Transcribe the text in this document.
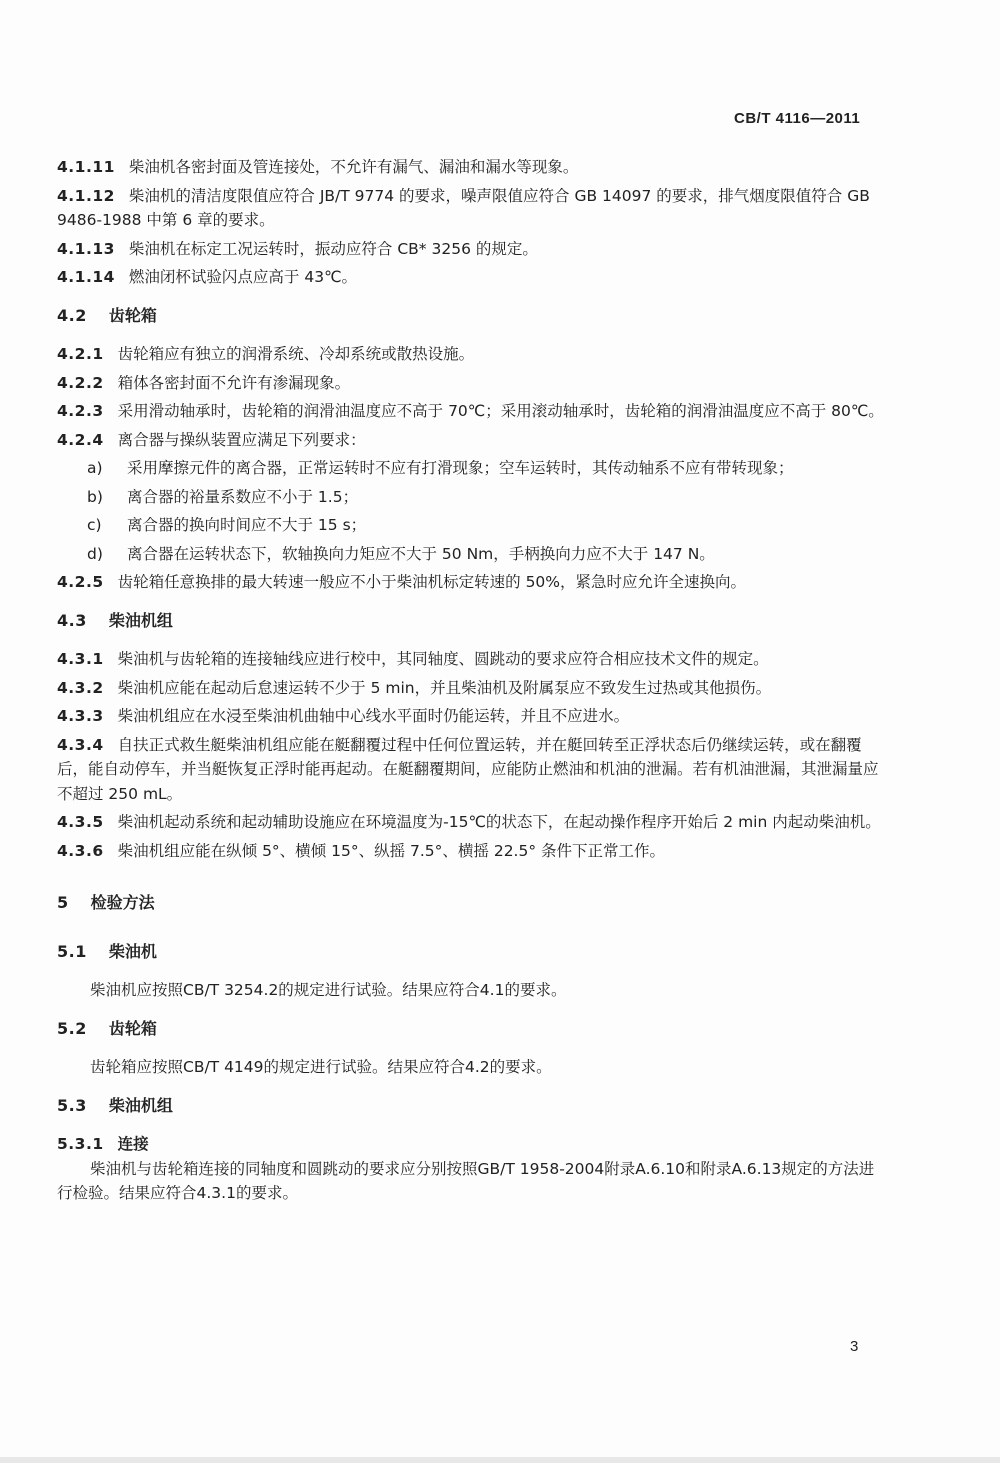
CB/T 4116—2011

4.1.11 柴油机各密封面及管连接处，不允许有漏气、漏油和漏水等现象。

4.1.12 柴油机的清洁度限值应符合 JB/T 9774 的要求，噪声限值应符合 GB 14097 的要求，排气烟度限值符合 GB 9486-1988 中第 6 章的要求。

4.1.13 柴油机在标定工况运转时，振动应符合 CB* 3256 的规定。

4.1.14 燃油闭杯试验闪点应高于 43℃。

4.2 齿轮箱

4.2.1 齿轮箱应有独立的润滑系统、冷却系统或散热设施。

4.2.2 箱体各密封面不允许有渗漏现象。

4.2.3 采用滑动轴承时，齿轮箱的润滑油温度应不高于 70℃；采用滚动轴承时，齿轮箱的润滑油温度应不高于 80℃。

4.2.4 离合器与操纵装置应满足下列要求：

a)	采用摩擦元件的离合器，正常运转时不应有打滑现象；空车运转时，其传动轴系不应有带转现象；
b)	离合器的裕量系数应不小于 1.5；
c)	离合器的换向时间应不大于 15 s；
d)	离合器在运转状态下，软轴换向力矩应不大于 50 Nm，手柄换向力应不大于 147 N。

4.2.5 齿轮箱任意换排的最大转速一般应不小于柴油机标定转速的 50%，紧急时应允许全速换向。

4.3 柴油机组

4.3.1 柴油机与齿轮箱的连接轴线应进行校中，其同轴度、圆跳动的要求应符合相应技术文件的规定。

4.3.2 柴油机应能在起动后怠速运转不少于 5 min，并且柴油机及附属泵应不致发生过热或其他损伤。

4.3.3 柴油机组应在水浸至柴油机曲轴中心线水平面时仍能运转，并且不应进水。

4.3.4 自扶正式救生艇柴油机组应能在艇翻覆过程中任何位置运转，并在艇回转至正浮状态后仍继续运转，或在翻覆后，能自动停车，并当艇恢复正浮时能再起动。在艇翻覆期间，应能防止燃油和机油的泄漏。若有机油泄漏，其泄漏量应不超过 250 mL。

4.3.5 柴油机起动系统和起动辅助设施应在环境温度为-15℃的状态下，在起动操作程序开始后 2 min 内起动柴油机。

4.3.6 柴油机组应能在纵倾 5°、横倾 15°、纵摇 7.5°、横摇 22.5° 条件下正常工作。

5 检验方法
5.1 柴油机

柴油机应按照CB/T 3254.2的规定进行试验。结果应符合4.1的要求。

5.2 齿轮箱

齿轮箱应按照CB/T 4149的规定进行试验。结果应符合4.2的要求。

5.3 柴油机组

5.3.1 连接

柴油机与齿轮箱连接的同轴度和圆跳动的要求应分别按照GB/T 1958-2004附录A.6.10和附录A.6.13规定的方法进行检验。结果应符合4.3.1的要求。

3
